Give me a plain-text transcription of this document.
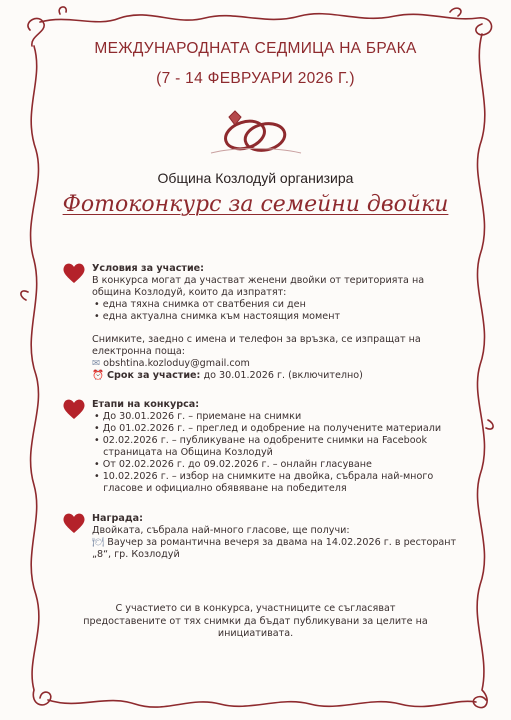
МЕЖДУНАРОДНАТА СЕДМИЦА НА БРАКА
(7 - 14 ФЕВРУАРИ 2026 Г.)
Община Козлодуй организира
Фотоконкурс за семейни двойки
Условия за участие:
В конкурса могат да участват женени двойки от територията на
община Козлодуй, които да изпратят:
• една тяхна снимка от сватбения си ден
• една актуална снимка към настоящия момент
Снимките, заедно с имена и телефон за връзка, се изпращат на
електронна поща:
✉ obshtina.kozloduy@gmail.com
⏰ Срок за участие: до 30.01.2026 г. (включително)
Етапи на конкурса:
• До 30.01.2026 г. – приемане на снимки
• До 01.02.2026 г. – преглед и одобрение на получените материали
• 02.02.2026 г. – публикуване на одобрените снимки на Facebook
страницата на Община Козлодуй
• От 02.02.2026 г. до 09.02.2026 г. – онлайн гласуване
• 10.02.2026 г. – избор на снимките на двойка, събрала най-много
гласове и официално обявяване на победителя
Награда:
Двойката, събрала най-много гласове, ще получи:
🍽 Ваучер за романтична вечеря за двама на 14.02.2026 г. в ресторант
„8“, гр. Козлодуй
С участието си в конкурса, участниците се съгласяват
предоставените от тях снимки да бъдат публикувани за целите на
инициативата.
